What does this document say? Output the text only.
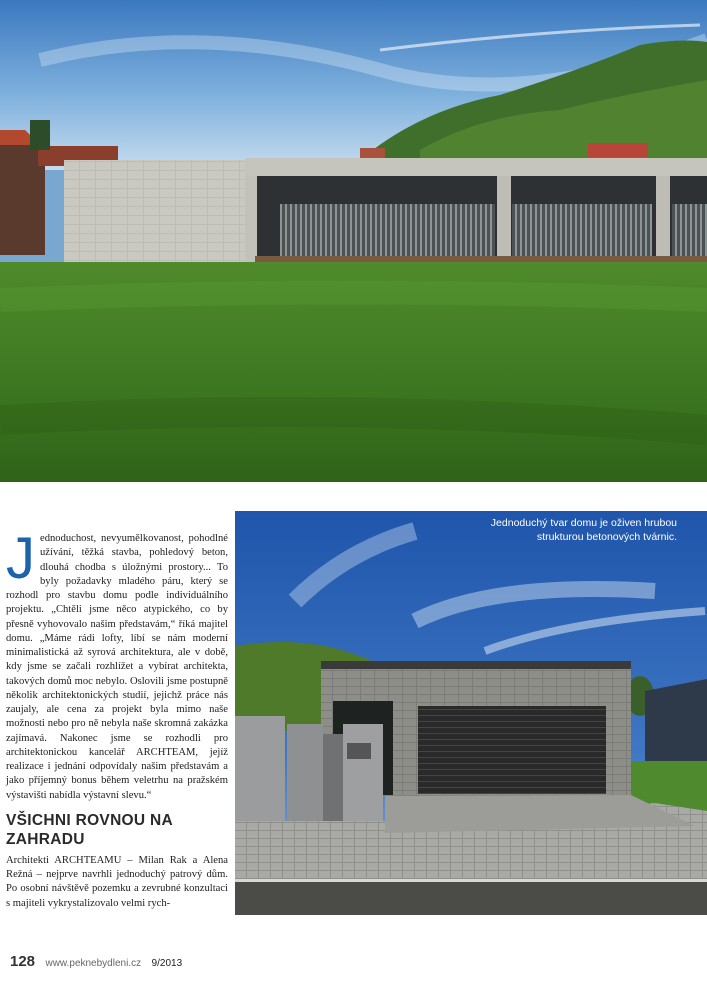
Jednoduchost, nevyumělkovanost, pohodlné užívání, těžká stavba, pohledový beton, dlouhá chodba s úložnými prostory... To byly požadavky mladého páru, který se rozhodl pro stavbu domu podle individuálního projektu. „Chtěli jsme něco atypického, co by přesně vyhovovalo našim představám,“ říká majitel domu. „Máme rádi lofty, líbí se nám moderní minimalistická až syrová architektura, ale v době, kdy jsme se začali rozhlížet a vybírat architekta, takových domů moc nebylo. Oslovili jsme postupně několik architektonických studií, jejichž práce nás zaujaly, ale cena za projekt byla mimo naše možnosti nebo pro ně nebyla naše skromná zakázka zajímavá. Nakonec jsme se rozhodli pro architektonickou kancelář ARCHTEAM, jejíž realizace i jednání odpovídaly našim představám a jako příjemný bonus během veletrhu na pražském výstavišti nabídla výstavní slevu.“

VŠICHNI ROVNOU NA ZAHRADU

Architekti ARCHTEAMU – Milan Rak a Alena Režná – nejprve navrhli jednoduchý patrový dům. Po osobní návštěvě pozemku a zevrubné konzultaci s majiteli vykrystalizovalo velmi rych-

Jednoduchý tvar domu je oživen hrubou strukturou betonových tvárnic.
128 www.peknebydleni.cz 9/2013
